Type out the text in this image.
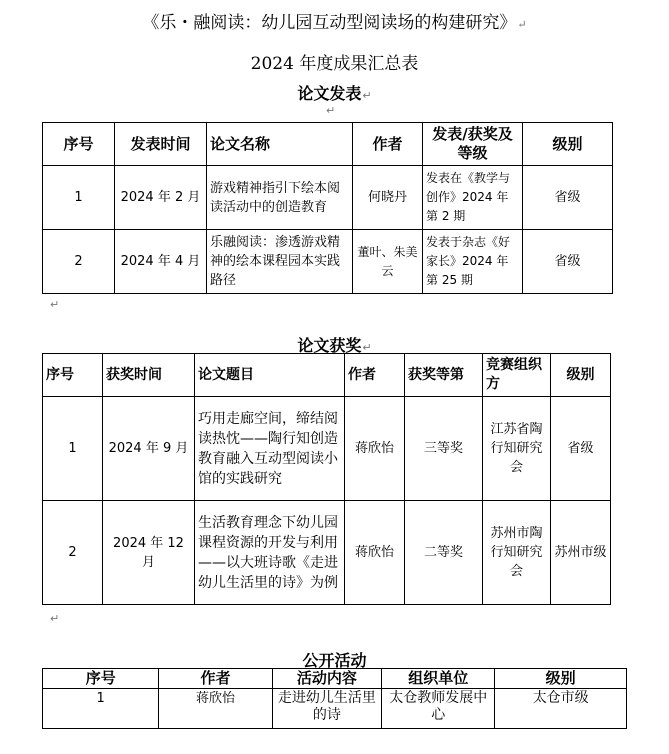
《乐・融阅读：幼儿园互动型阅读场的构建研究》↵
2024 年度成果汇总表
论文发表↵
↵
序号	发表时间	论文名称	作者	发表/获奖及等级	级别
1	2024 年 2 月	游戏精神指引下绘本阅读活动中的创造教育	何晓丹	发表在《教学与创作》2024 年第 2 期	省级
2	2024 年 4 月	乐融阅读：渗透游戏精神的绘本课程园本实践路径	董叶、朱美云	发表于杂志《好家长》2024 年第 25 期	省级
↵
论文获奖↵
序号	获奖时间	论文题目	作者	获奖等第	竞赛组织方	级别
1	2024 年 9 月	巧用走廊空间，缔结阅读热忱——陶行知创造教育融入互动型阅读小馆的实践研究	蒋欣怡	三等奖	江苏省陶行知研究会	省级
2	2024 年 12 月	生活教育理念下幼儿园课程资源的开发与利用——以大班诗歌《走进幼儿生活里的诗》为例	蒋欣怡	二等奖	苏州市陶行知研究会	苏州市级
↵
公开活动
序号	作者	活动内容	组织单位	级别
1	蒋欣怡	走进幼儿生活里的诗	太仓教师发展中心	太仓市级
